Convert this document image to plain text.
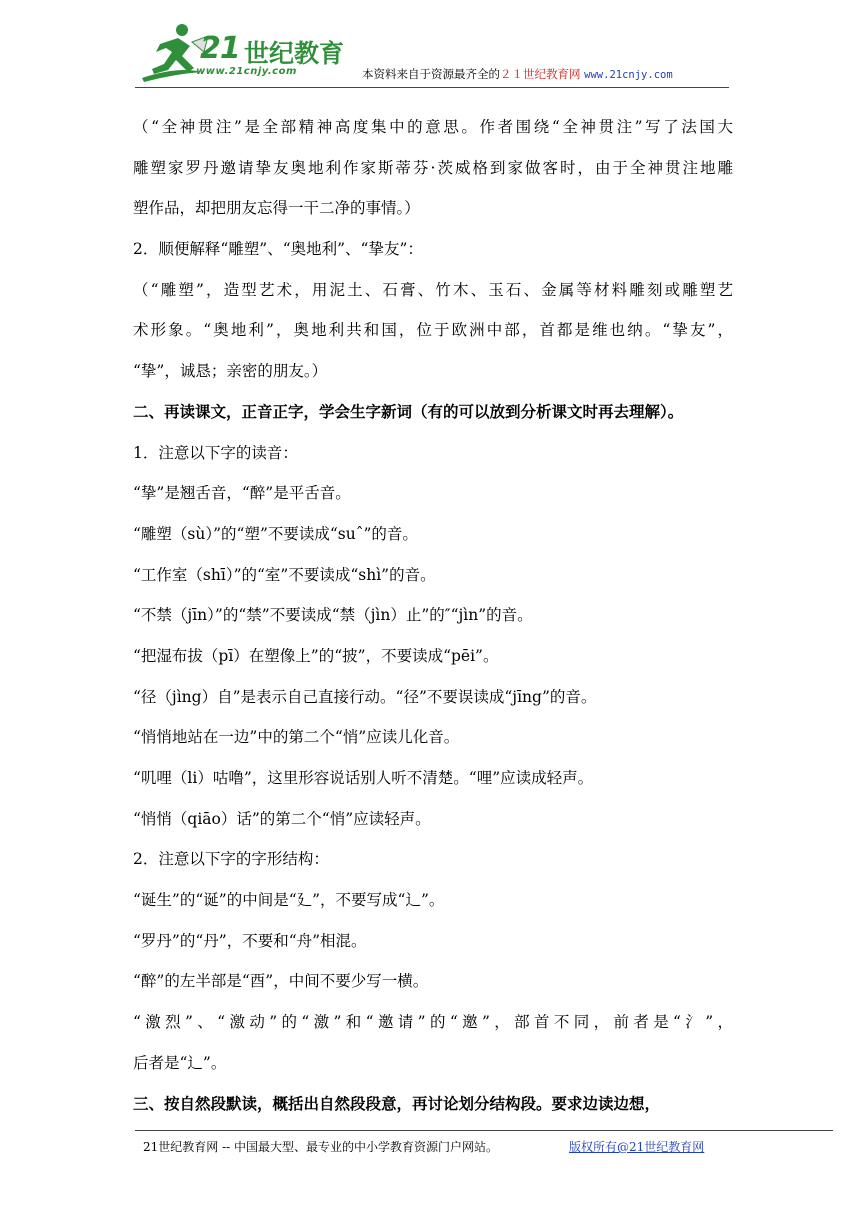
21 世纪教育
www.21cnjy.com	本资料来自于资源最齐全的２１世纪教育网 www.21cnjy.com
（“全神贯注”是全部精神高度集中的意思。作者围绕“全神贯注”写了法国大
雕塑家罗丹邀请挚友奥地利作家斯蒂芬·茨威格到家做客时，由于全神贯注地雕
塑作品，却把朋友忘得一干二净的事情。）
2．顺便解释“雕塑”、“奥地利”、“挚友”：
（“雕塑”，造型艺术，用泥土、石膏、竹木、玉石、金属等材料雕刻或雕塑艺
术形象。“奥地利”，奥地利共和国，位于欧洲中部，首都是维也纳。“挚友”，
“挚”，诚恳；亲密的朋友。）
二、再读课文，正音正字，学会生字新词（有的可以放到分析课文时再去理解）。
1．注意以下字的读音：
“挚”是翘舌音，“醉”是平舌音。
“雕塑（sù）”的“塑”不要读成“suˆ”的音。
“工作室（shī）”的“室”不要读成“shì”的音。
“不禁（jīn）”的“禁”不要读成“禁（jìn）止”的″“jìn”的音。
“把湿布拔（pī）在塑像上”的“披”，不要读成“pēi”。
“径（jìng）自”是表示自己直接行动。“径”不要误读成“jīng”的音。
“悄悄地站在一边”中的第二个“悄”应读儿化音。
“叽哩（li）咕噜”，这里形容说话别人听不清楚。“哩”应读成轻声。
“悄悄（qiāo）话”的第二个“悄”应读轻声。
2．注意以下字的字形结构：
“诞生”的“诞”的中间是“廴”，不要写成“辶”。
“罗丹”的“丹”，不要和“舟”相混。
“醉”的左半部是“酉”，中间不要少写一横。
“激烈”、“激动”的“激”和“邀请”的“邀”，部首不同，前者是“氵”，
后者是“辶”。
三、按自然段默读，概括出自然段段意，再讨论划分结构段。要求边读边想，
21世纪教育网 -- 中国最大型、最专业的中小学教育资源门户网站。	版权所有@21世纪教育网
